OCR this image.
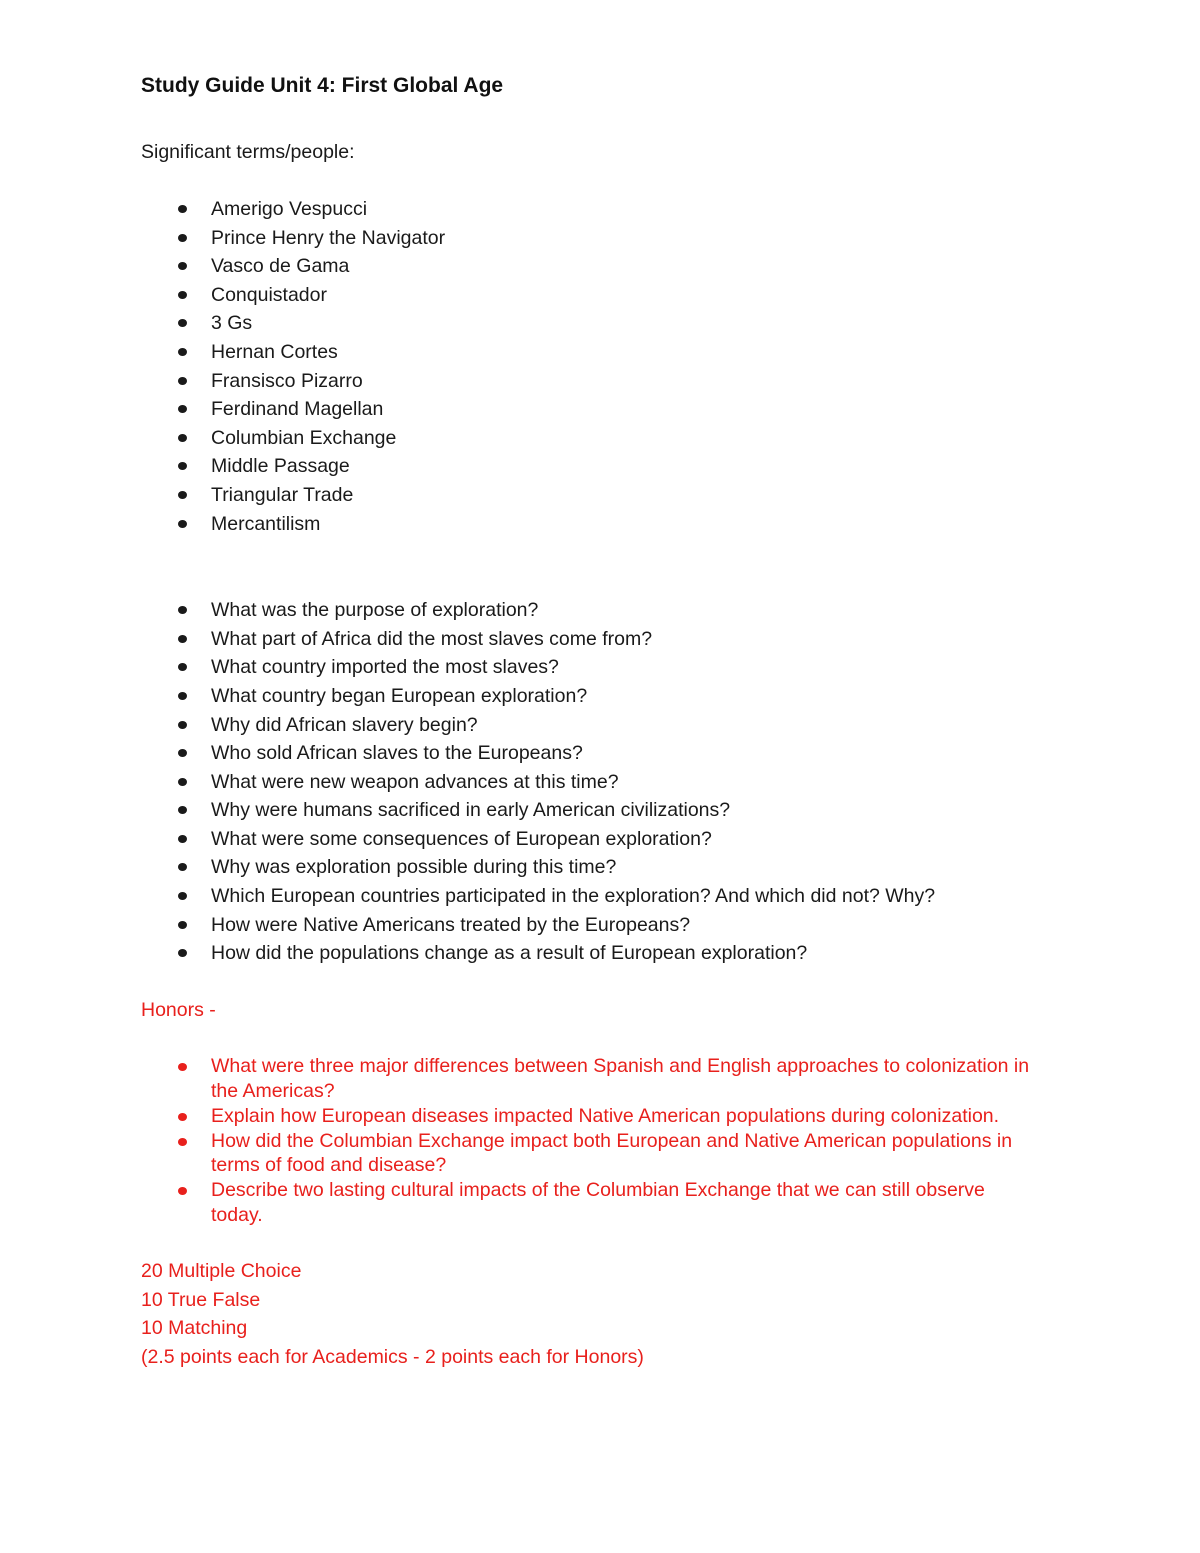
Study Guide Unit 4: First Global Age
Significant terms/people:
Amerigo Vespucci
Prince Henry the Navigator
Vasco de Gama
Conquistador
3 Gs
Hernan Cortes
Fransisco Pizarro
Ferdinand Magellan
Columbian Exchange
Middle Passage
Triangular Trade
Mercantilism
What was the purpose of exploration?
What part of Africa did the most slaves come from?
What country imported the most slaves?
What country began European exploration?
Why did African slavery begin?
Who sold African slaves to the Europeans?
What were new weapon advances at this time?
Why were humans sacrificed in early American civilizations?
What were some consequences of European exploration?
Why was exploration possible during this time?
Which European countries participated in the exploration? And which did not? Why?
How were Native Americans treated by the Europeans?
How did the populations change as a result of European exploration?
Honors -
What were three major differences between Spanish and English approaches to colonization in the Americas?
Explain how European diseases impacted Native American populations during colonization.
How did the Columbian Exchange impact both European and Native American populations in terms of food and disease?
Describe two lasting cultural impacts of the Columbian Exchange that we can still observe today.
20 Multiple Choice
10 True False
10 Matching
(2.5 points each for Academics - 2 points each for Honors)
